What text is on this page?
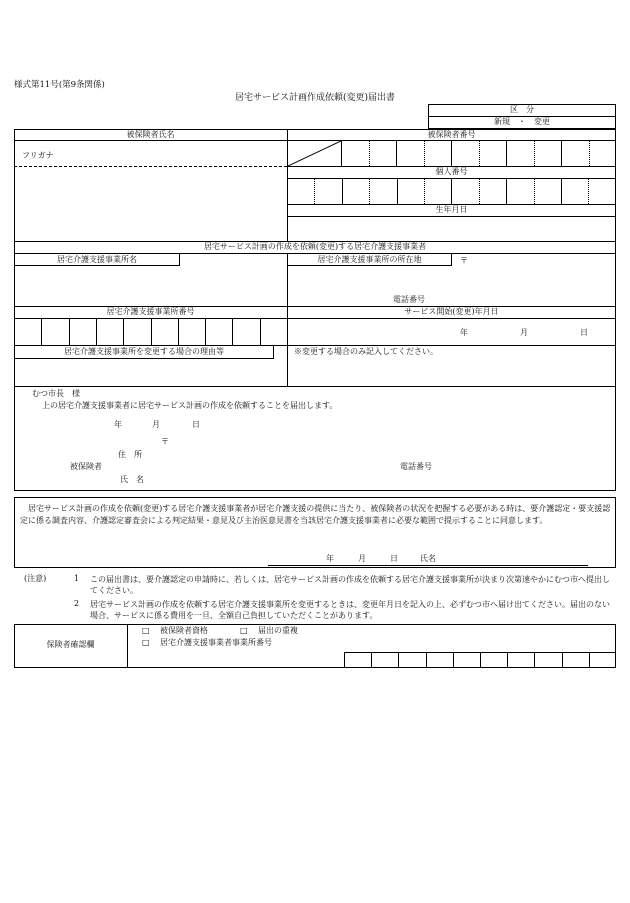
様式第11号(第9条関係)
居宅サービス計画作成依頼(変更)届出書
区　分
新規　・　変更
被保険者氏名	被保険者番号
フリガナ
個人番号
生年月日
居宅サービス計画の作成を依頼(変更)する居宅介護支援事業者
居宅介護支援事業所名	居宅介護支援事業所の所在地	〒
電話番号
居宅介護支援事業所番号	サービス開始(変更)年月日
年	月	日
居宅介護支援事業所を変更する場合の理由等	※変更する場合のみ記入してください。
むつ市長　様
上の居宅介護支援事業者に居宅サービス計画の作成を依頼することを届出します。
年	月	日
〒
住　所
被保険者	電話番号
氏　名
居宅サービス計画の作成を依頼(変更)する居宅介護支援事業者が居宅介護支援の提供に当たり、被保険者の状況を把握する必要がある時は、要介護認定・要支援認定に係る調査内容、介護認定審査会による判定結果・意見及び主治医意見書を当該居宅介護支援事業者に必要な範囲で提示することに同意します。
年	月	日	氏名
(注意)	1 この届出書は、要介護認定の申請時に、若しくは、居宅サービス計画の作成を依頼する居宅介護支援事業所が決まり次第速やかにむつ市へ提出してください。
2 居宅サービス計画の作成を依頼する居宅介護支援事業所を変更するときは、変更年月日を記入の上、必ずむつ市へ届け出てください。届出のない場合、サービスに係る費用を一旦、全額自己負担していただくことがあります。
保険者確認欄
□ 被保険者資格	□ 届出の重複
□ 居宅介護支援事業者事業所番号
